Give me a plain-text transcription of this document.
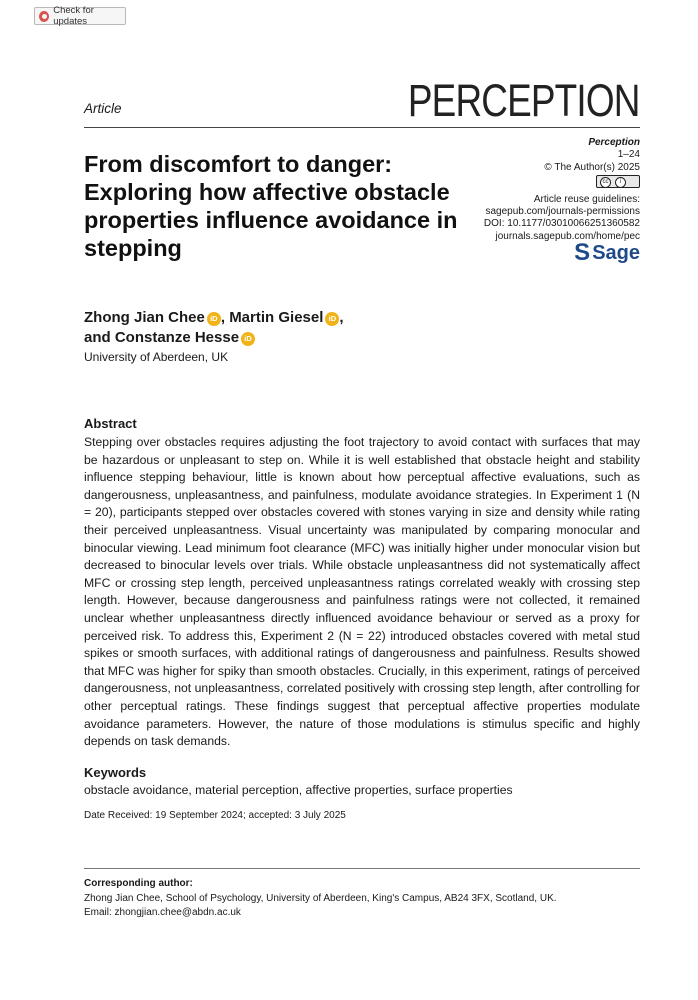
Check for updates
Article	PERCEPTION
Perception
1–24
© The Author(s) 2025
cc	i
Article reuse guidelines:
sagepub.com/journals-permissions
DOI: 10.1177/03010066251360582
journals.sagepub.com/home/pec
S Sage
From discomfort to danger: Exploring how affective obstacle properties influence avoidance in stepping
Zhong Jian Chee iD , Martin Giesel iD ,
and Constanze Hesse iD
University of Aberdeen, UK
Abstract

Stepping over obstacles requires adjusting the foot trajectory to avoid contact with surfaces that may be hazardous or unpleasant to step on. While it is well established that obstacle height and stability influence stepping behaviour, little is known about how perceptual affective evaluations, such as dangerousness, unpleasantness, and painfulness, modulate avoidance strategies. In Experiment 1 (N = 20), participants stepped over obstacles covered with stones varying in size and density while rating their perceived unpleasantness. Visual uncertainty was manipulated by comparing monocular and binocular viewing. Lead minimum foot clearance (MFC) was initially higher under monocular vision but decreased to binocular levels over trials. While obstacle unpleasantness did not systematically affect MFC or crossing step length, perceived unpleasantness ratings correlated weakly with crossing step length. However, because dangerousness and painfulness ratings were not collected, it remained unclear whether unpleasantness directly influenced avoidance behaviour or served as a proxy for perceived risk. To address this, Experiment 2 (N = 22) introduced obstacles covered with metal stud spikes or smooth surfaces, with additional ratings of dangerousness and painfulness. Results showed that MFC was higher for spiky than smooth obstacles. Crucially, in this experiment, ratings of perceived dangerousness, not unpleasantness, correlated positively with crossing step length, after controlling for other perceptual ratings. These findings suggest that perceptual affective properties modulate avoidance parameters. However, the nature of those modulations is stimulus specific and highly depends on task demands.

Keywords
obstacle avoidance, material perception, affective properties, surface properties
Date Received: 19 September 2024; accepted: 3 July 2025
Corresponding author:
Zhong Jian Chee, School of Psychology, University of Aberdeen, King's Campus, AB24 3FX, Scotland, UK.
Email: zhongjian.chee@abdn.ac.uk
